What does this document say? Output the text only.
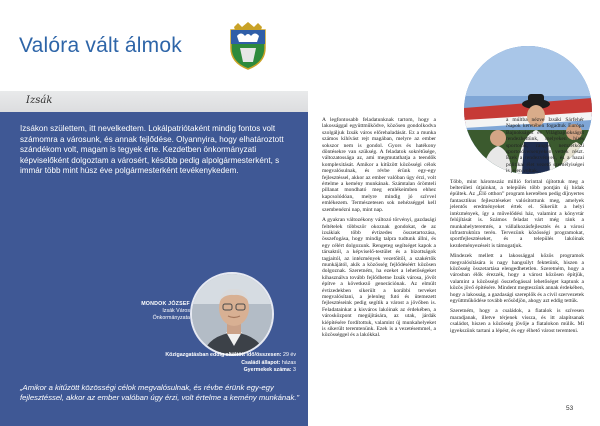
Valóra vált álmok
Izsák
Izsákon születtem, itt nevelkedtem. Lokálpatriótaként mindig fontos volt számomra a városunk, és annak fejlődése. Olyannyira, hogy elhatároztott szándékom volt, magam is tegyek érte. Kezdetben önkormányzati képviselőként dolgoztam a városért, később pedig alpolgármesterként, s immár több mint húsz éve polgármesterként tevékenykedem.
MONDOK JÓZSEF
Izsák Város
Önkormányzata
Közigazgatásban eddig eltöltött idő/összesen: 29 év
Családi állapot: házas
Gyermekek száma: 3
„Amikor a kitűzött közösségi célok megvalósulnak, és révbe érünk egy-egy fejlesztéssel, akkor az ember valóban úgy érzi, volt értelme a kemény munkának.”

A legfontosabb feladatunknak tartom, hogy a lakossággal együttműködve, közösen gondolkodva szolgáljuk Izsák város előrehaladását. Ez a munka számos kihívást rejt magában, melyre az ember sokszor nem is gondol. Gyors és hatékony döntésekre van szükség. A feladatok sokrétűsége, változatossága az, ami megmutathatja a teendők komplexitását. Amikor a kitűzött közösségi célok megvalósulnak, és révbe érünk egy-egy fejlesztéssel, akkor az ember valóban úgy érzi, volt értelme a kemény munkának. Számtalan örömteli pillanat mondható meg emlékeimben ehhez kapcsolódóan, melyre mindig jó szívvel emlékezem. Természetesen sok nehézséggel kell szembenézni nap, mint nap.

A gyakran változékony változó törvényi, gazdasági feltételek többször okoznak gondokat, de az izsákiak több évtizedes összetartozása, összefogása, hogy mindig talpra tudtunk állni, és egy célért dolgozunk. Rengeteg segítséget kapok a társaktól, a képviselő-testület és a bizottságok tagjaitól, az intézmények vezetőitől, a szakértők munkájától, akik a közösség fejlődéséért közösen dolgoznak. Szeretném, ha ezeket a lehetőségeket kihasználva tovább fejlődhetne Izsák városa, jövőt építve a következő generációnak. Az elmúlt évtizedekben sikerült a korábbi terveket megvalósítani, a jelenleg futó és ütemezett fejlesztéseink pedig segítik a várost a jövőben is. Feladatainkat a kisváros lakóinak az érdekében, a városközpont megújítására, az utak, járdák kiépítésére fordítottuk, valamint új munkahelyeket is sikerült teremtenünk. Ezek is a vezetésemmel, a közösséggel és a lakókkal.

a múltba nézve Izsáki Sárfehér Napok keretében fogadtuk Európa Bajnokságot és Világbajnokságot rendezhettünk, melyeken híres sportolók, rangos nemzetközi sportolóversenyeken vettek részt. Ezek a rendezvények, és a hazai politikai élet vezető személyiségei is jelen voltak.

Több, mint háromszáz millió forinttal újítottuk meg a belterületi útjainkat, a település több pontján új hidak épültek. Az „Élő otthon” program keretében pedig díjnyertes fantasztikus fejlesztéseket valósítottunk meg, amelyek jelentős eredményeket értek el. Sikerült a helyi intézmények, így a művelődési ház, valamint a könyvtár felújítását is. Számos feladat várt még ránk a munkahelyteremtés, a vállalkozásfejlesztés és a városi infrastruktúra terén. Tervezünk közösségi programokat, sportfejlesztéseket, és a település lakóinak kezdeményezéseit is támogatjuk.

Mindezek mellett a lakossággal közös programok megvalósítására is nagy hangsúlyt fektetünk, hiszen a közösség összetartása elengedhetetlen. Szeretném, hogy a városban élők érezzék, hogy a várost közösen építjük, valamint a közösségi összefogással lehetőséget kaptunk a közös jövő építésére. Mindent megteszünk annak érdekében, hogy a lakosság, a gazdasági szereplők és a civil szervezetek együttműködése tovább erősödjön, ahogy azt eddig tettük.

Szeretném, hogy a családok, a fiatalok is szívesen maradjanak, illetve térjenek vissza, és itt alapítsanak családot, hiszen a közösség jövője a fiatalokon múlik. Mi igyekszünk tartani a lépést, és egy élhető várost teremteni.

53
